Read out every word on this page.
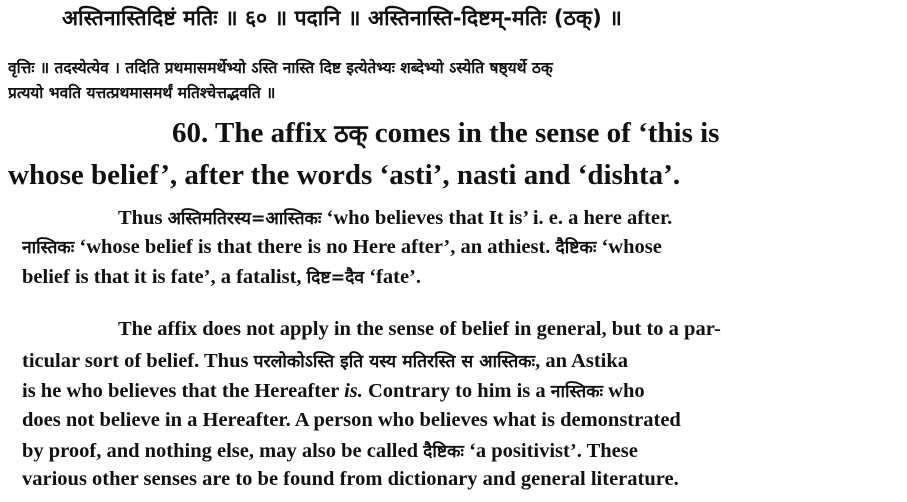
अस्तिनास्तिदिष्टं मतिः ॥ ६० ॥ पदानि ॥ अस्तिनास्ति-दिष्टम्-मतिः (ठक्) ॥
वृत्तिः ॥ तदस्येत्येव । तदिति प्रथमासमर्थेभ्यो ऽस्ति नास्ति दिष्ट इत्येतेभ्यः शब्देभ्यो ऽस्येति षष्ठ्यर्थे ठक्
प्रत्ययो भवति यत्तत्प्रथमासमर्थं मतिश्चेत्तद्भवति ॥
60. The affix ठक् comes in the sense of ‘this is
whose belief’, after the words ‘asti’, nasti and ‘dishta’.
Thus अस्तिमतिरस्य=आस्तिकः ‘who believes that It is’ i. e. a here after.
नास्तिकः ‘whose belief is that there is no Here after’, an athiest. दैष्टिकः ‘whose
belief is that it is fate’, a fatalist, दिष्ट=दैव ‘fate’.
The affix does not apply in the sense of belief in general, but to a par-
ticular sort of belief. Thus परलोकोऽस्ति इति यस्य मतिरस्ति स आस्तिकः, an Astika
is he who believes that the Hereafter is. Contrary to him is a नास्तिकः who
does not believe in a Hereafter. A person who believes what is demonstrated
by proof, and nothing else, may also be called दैष्टिकः ‘a positivist’. These
various other senses are to be found from dictionary and general literature.
